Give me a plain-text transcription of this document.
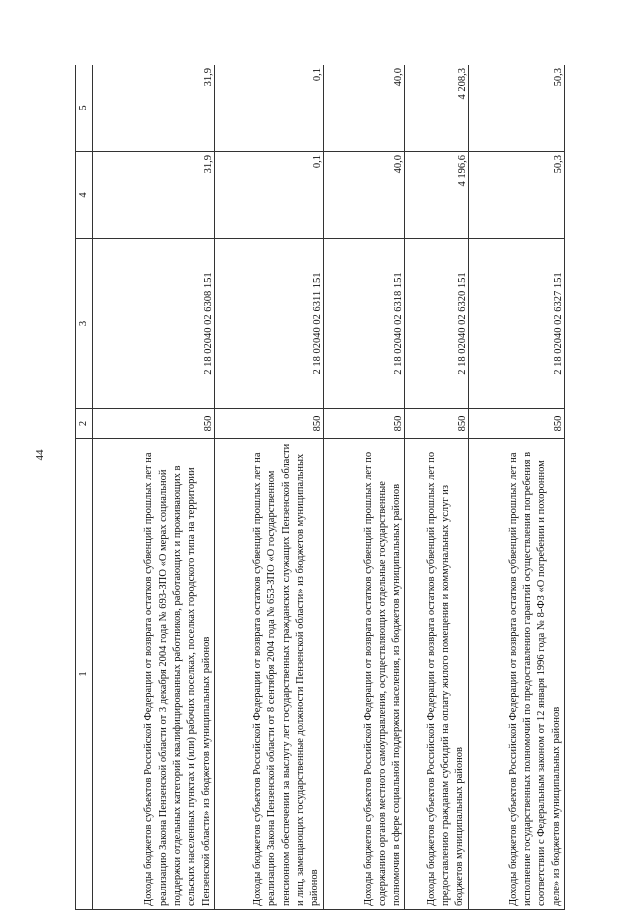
44
1	2	3	4	5
Доходы бюджетов субъектов Российской Федерации от возврата остатков субвенций прошлых лет на реализацию Закона Пензенской области от 3 декабря 2004 года № 693-ЗПО «О мерах социальной поддержки отдельных категорий квалифицированных работников, работающих и проживающих в сельских населенных пунктах и (или) рабочих поселках, поселках городского типа на территории Пензенской области» из бюджетов муниципальных районов	850	2 18 02040 02 6308 151	31,9	31,9
Доходы бюджетов субъектов Российской Федерации от возврата остатков субвенций прошлых лет на реализацию Закона Пензенской области от 8 сентября 2004 года № 653-ЗПО «О государственном пенсионном обеспечении за выслугу лет государственных гражданских служащих Пензенской области и лиц, замещающих государственные должности Пензенской области» из бюджетов муниципальных районов	850	2 18 02040 02 6311 151	0,1	0,1
Доходы бюджетов субъектов Российской Федерации от возврата остатков субвенций прошлых лет по содержанию органов местного самоуправления, осуществляющих отдельные государственные полномочия в сфере социальной поддержки населения, из бюджетов муниципальных районов	850	2 18 02040 02 6318 151	40,0	40,0
Доходы бюджетов субъектов Российской Федерации от возврата остатков субвенций прошлых лет по предоставлению гражданам субсидий на оплату жилого помещения и коммунальных услуг из бюджетов муниципальных районов	850	2 18 02040 02 6320 151	4 196,6	4 208,3
Доходы бюджетов субъектов Российской Федерации от возврата остатков субвенций прошлых лет на исполнение государственных полномочий по предоставлению гарантий осуществления погребения в соответствии с Федеральным законом от 12 января 1996 года № 8-ФЗ «О погребении и похоронном деле» из бюджетов муниципальных районов	850	2 18 02040 02 6327 151	50,3	50,3
